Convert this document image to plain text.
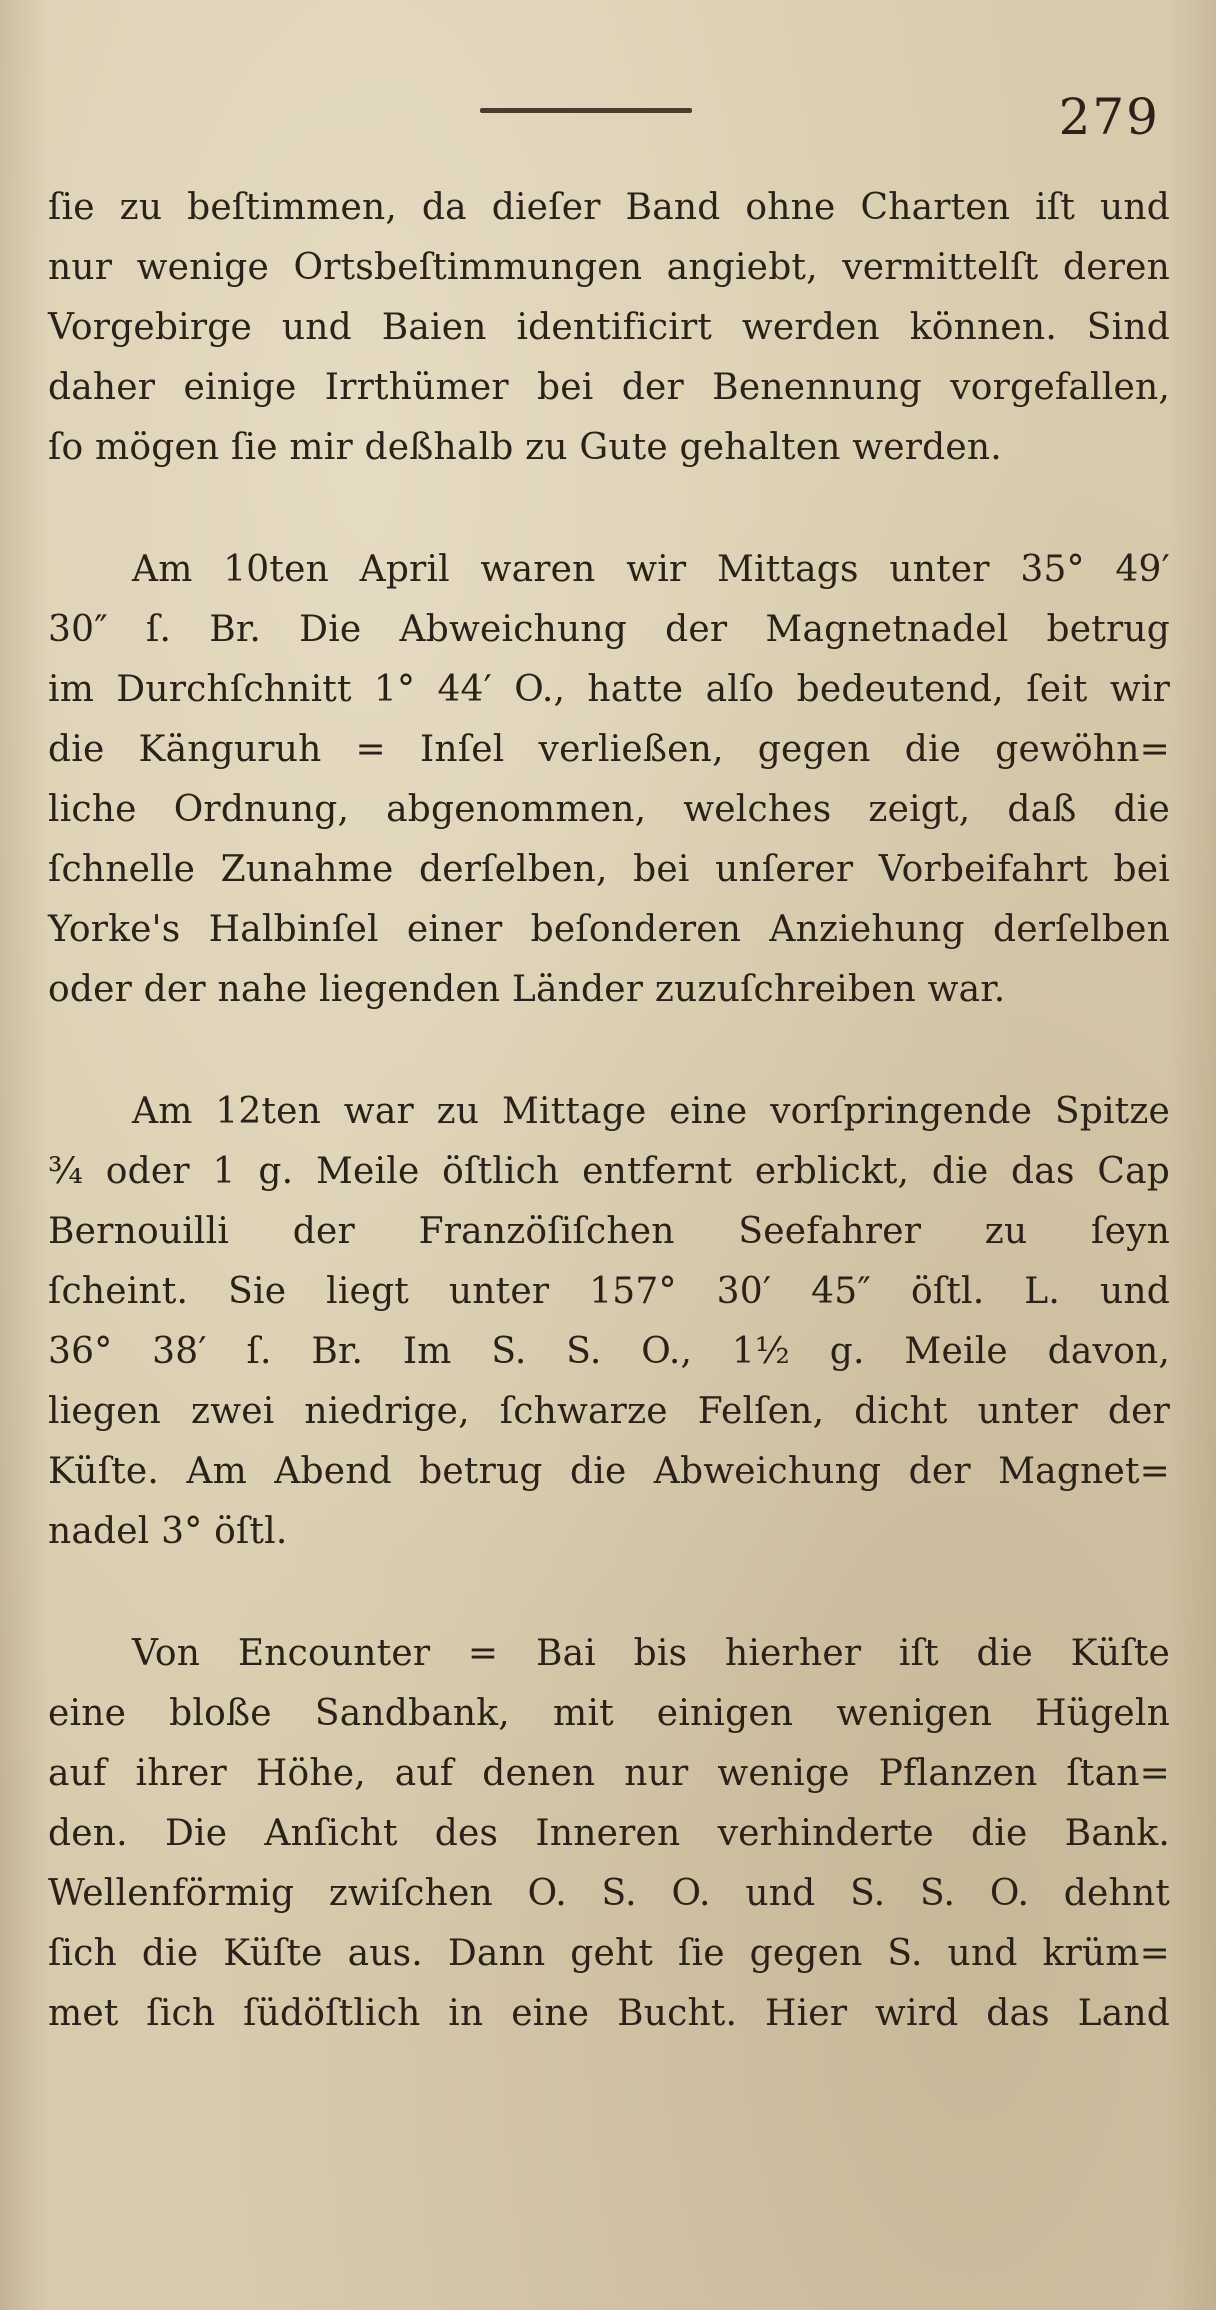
279
ſie zu beſtimmen, da dieſer Band ohne Charten iſt und
nur wenige Ortsbeſtimmungen angiebt, vermittelſt deren
Vorgebirge und Baien identificirt werden können. Sind
daher einige Irrthümer bei der Benennung vorgefallen,
ſo mögen ſie mir deßhalb zu Gute gehalten werden.
Am 10ten April waren wir Mittags unter 35° 49′
30″ ſ. Br. Die Abweichung der Magnetnadel betrug
im Durchſchnitt 1° 44′ O., hatte alſo bedeutend, ſeit wir
die Känguruh = Inſel verließen, gegen die gewöhn=
liche Ordnung, abgenommen, welches zeigt, daß die
ſchnelle Zunahme derſelben, bei unſerer Vorbeifahrt bei
Yorke's Halbinſel einer beſonderen Anziehung derſelben
oder der nahe liegenden Länder zuzuſchreiben war.
Am 12ten war zu Mittage eine vorſpringende Spitze
¾ oder 1 g. Meile öſtlich entfernt erblickt, die das Cap
Bernouilli der Franzöſiſchen Seefahrer zu ſeyn
ſcheint. Sie liegt unter 157° 30′ 45″ öſtl. L. und
36° 38′ ſ. Br. Im S. S. O., 1½ g. Meile davon,
liegen zwei niedrige, ſchwarze Felſen, dicht unter der
Küſte. Am Abend betrug die Abweichung der Magnet=
nadel 3° öſtl.
Von Encounter = Bai bis hierher iſt die Küſte
eine bloße Sandbank, mit einigen wenigen Hügeln
auf ihrer Höhe, auf denen nur wenige Pflanzen ſtan=
den. Die Anſicht des Inneren verhinderte die Bank.
Wellenförmig zwiſchen O. S. O. und S. S. O. dehnt
ſich die Küſte aus. Dann geht ſie gegen S. und krüm=
met ſich ſüdöſtlich in eine Bucht. Hier wird das Land
